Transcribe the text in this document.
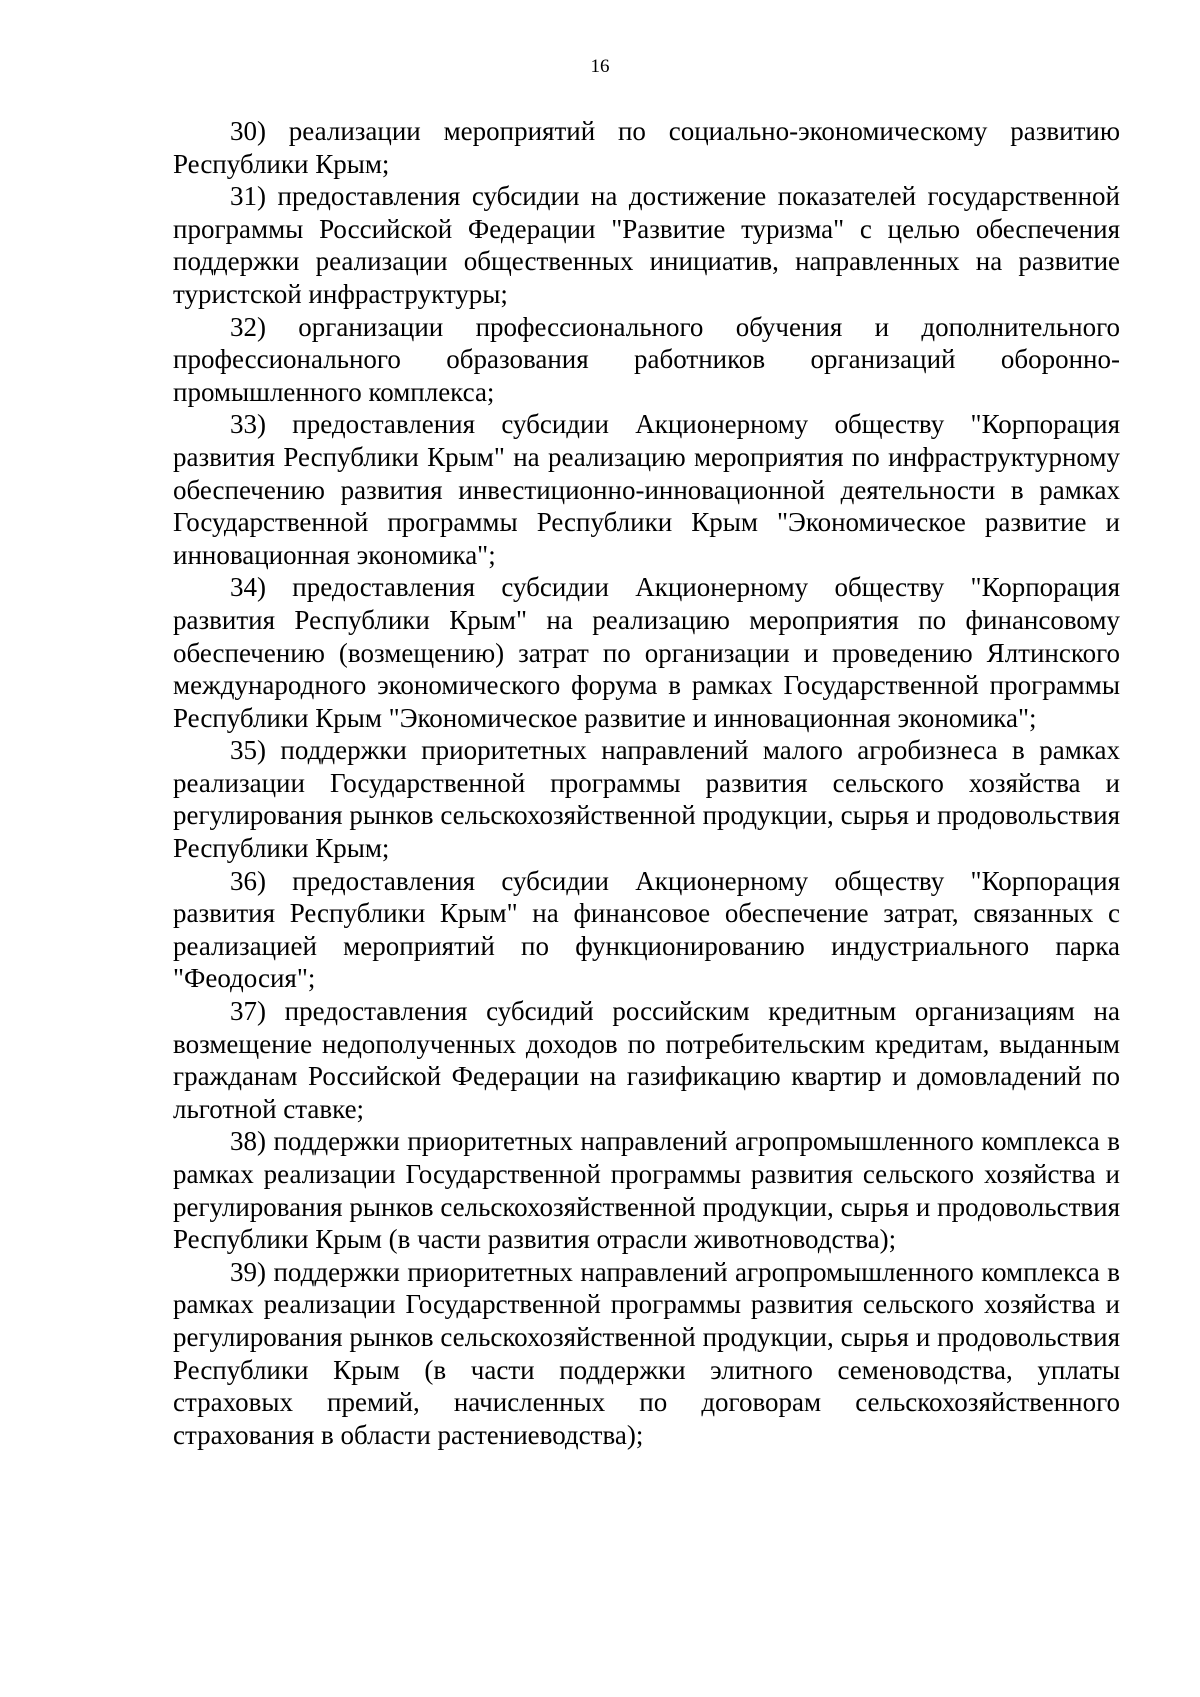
16

30) реализации мероприятий по социально-экономическому развитию Республики Крым;

31) предоставления субсидии на достижение показателей государственной программы Российской Федерации "Развитие туризма" с целью обеспечения поддержки реализации общественных инициатив, направленных на развитие туристской инфраструктуры;

32) организации профессионального обучения и дополнительного профессионального образования работников организаций оборонно-промышленного комплекса;

33) предоставления субсидии Акционерному обществу "Корпорация развития Республики Крым" на реализацию мероприятия по инфраструктурному обеспечению развития инвестиционно-инновационной деятельности в рамках Государственной программы Республики Крым "Экономическое развитие и инновационная экономика";

34) предоставления субсидии Акционерному обществу "Корпорация развития Республики Крым" на реализацию мероприятия по финансовому обеспечению (возмещению) затрат по организации и проведению Ялтинского международного экономического форума в рамках Государственной программы Республики Крым "Экономическое развитие и инновационная экономика";

35) поддержки приоритетных направлений малого агробизнеса в рамках реализации Государственной программы развития сельского хозяйства и регулирования рынков сельскохозяйственной продукции, сырья и продовольствия Республики Крым;

36) предоставления субсидии Акционерному обществу "Корпорация развития Республики Крым" на финансовое обеспечение затрат, связанных с реализацией мероприятий по функционированию индустриального парка "Феодосия";

37) предоставления субсидий российским кредитным организациям на возмещение недополученных доходов по потребительским кредитам, выданным гражданам Российской Федерации на газификацию квартир и домовладений по льготной ставке;

38) поддержки приоритетных направлений агропромышленного комплекса в рамках реализации Государственной программы развития сельского хозяйства и регулирования рынков сельскохозяйственной продукции, сырья и продовольствия Республики Крым (в части развития отрасли животноводства);

39) поддержки приоритетных направлений агропромышленного комплекса в рамках реализации Государственной программы развития сельского хозяйства и регулирования рынков сельскохозяйственной продукции, сырья и продовольствия Республики Крым (в части поддержки элитного семеноводства, уплаты страховых премий, начисленных по договорам сельскохозяйственного страхования в области растениеводства);
